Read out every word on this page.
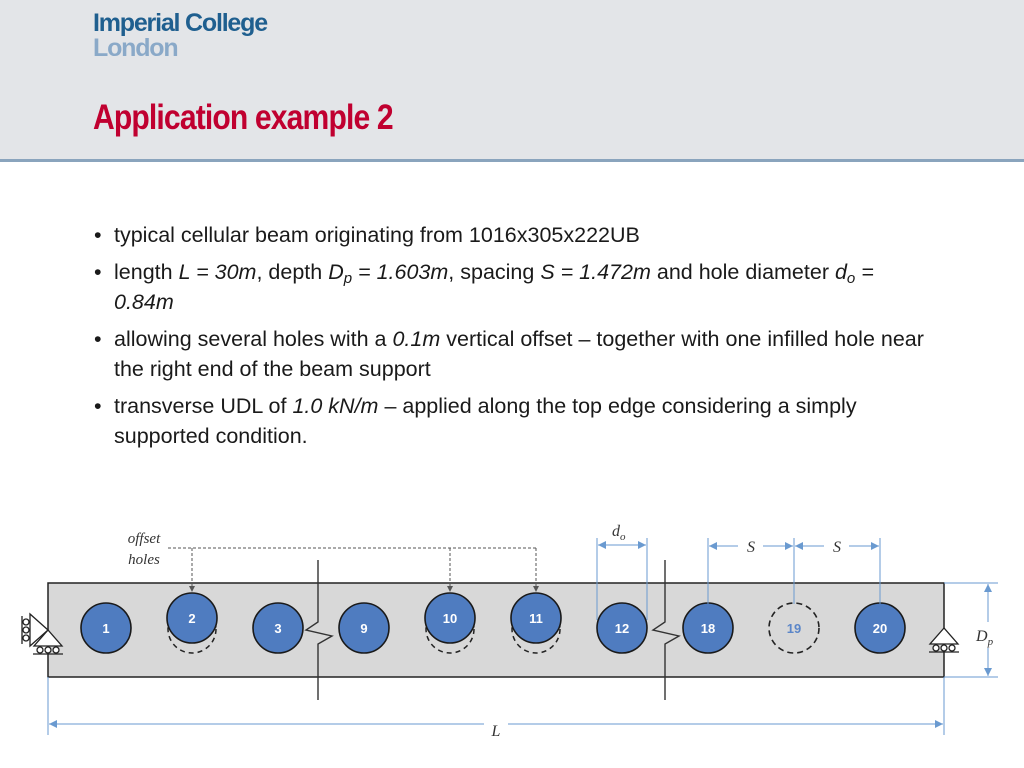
Imperial College
London
Application example 2
• typical cellular beam originating from 1016x305x222UB
• length L = 30m, depth $D_p = 1.603m$, spacing S = 1.472m and hole diameter $d_o = 0.84m$
• allowing several holes with a 0.1m vertical offset – together with one infilled hole near the right end of the beam support
• transverse UDL of 1.0 kN/m – applied along the top edge considering a simply supported condition.
1
2
3	9
10	11
12	18	20
19
offset
holes
$d_o$
S	S
$D_p$
L
